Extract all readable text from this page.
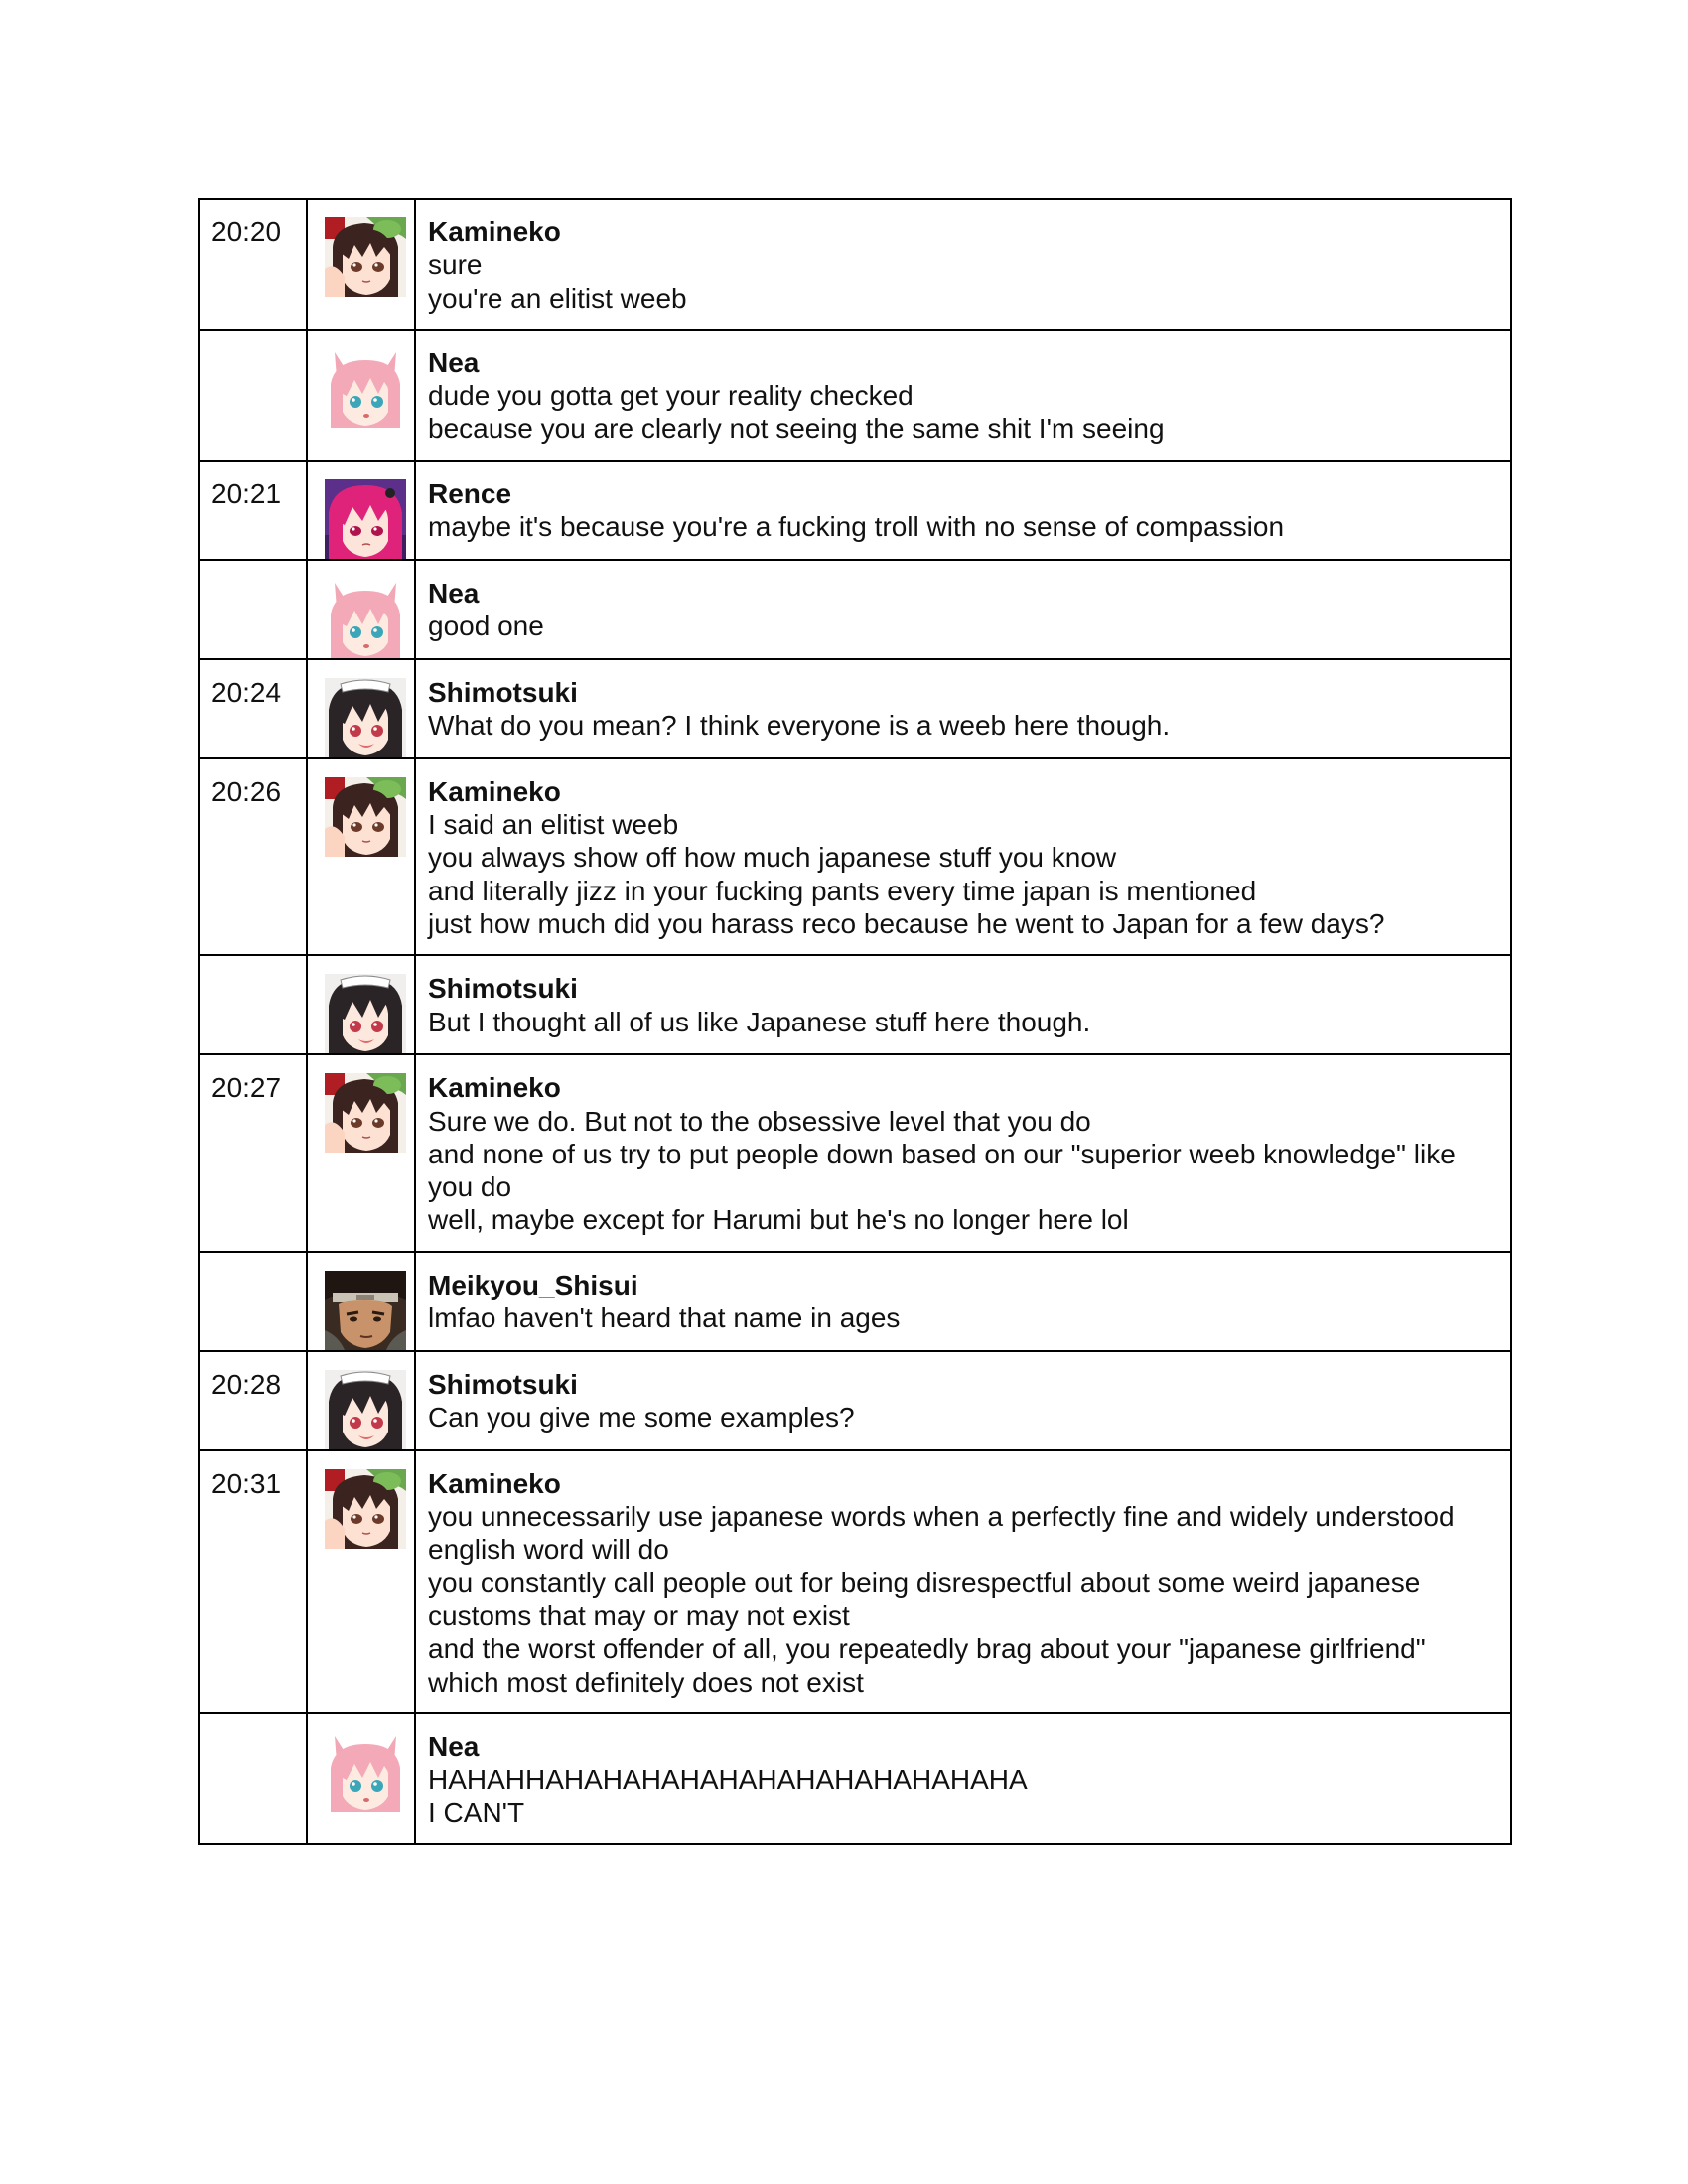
20:20		Kamineko
sure
you're an elitist weeb

Nea
dude you gotta get your reality checked
because you are clearly not seeing the same shit I'm seeing

20:21		Rence
maybe it's because you're a fucking troll with no sense of compassion

Nea
good one

20:24		Shimotsuki
What do you mean? I think everyone is a weeb here though.

20:26		Kamineko
I said an elitist weeb
you always show off how much japanese stuff you know
and literally jizz in your fucking pants every time japan is mentioned
just how much did you harass reco because he went to Japan for a few days?

Shimotsuki
But I thought all of us like Japanese stuff here though.

20:27		Kamineko
Sure we do. But not to the obsessive level that you do
and none of us try to put people down based on our "superior weeb knowledge" like you do
well, maybe except for Harumi but he's no longer here lol

Meikyou_Shisui
lmfao haven't heard that name in ages

20:28		Shimotsuki
Can you give me some examples?

20:31		Kamineko
you unnecessarily use japanese words when a perfectly fine and widely understood english word will do
you constantly call people out for being disrespectful about some weird japanese customs that may or may not exist
and the worst offender of all, you repeatedly brag about your "japanese girlfriend" which most definitely does not exist

Nea
HAHAHHAHAHAHAHAHAHAHAHAHAHAHAHA
I CAN'T
